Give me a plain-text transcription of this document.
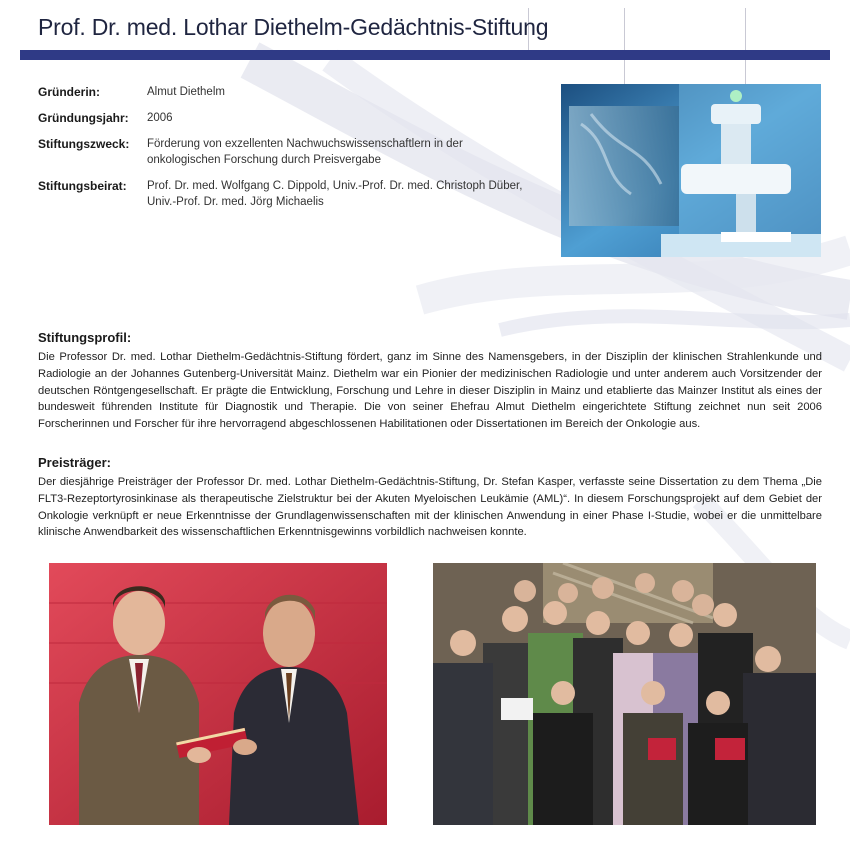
Prof. Dr. med. Lothar Diethelm-Gedächtnis-Stiftung
Gründerin:	Almut Diethelm
Gründungsjahr:	2006
Stiftungszweck:	Förderung von exzellenten Nachwuchswissenschaftlern in der onkologischen Forschung durch Preisvergabe
Stiftungsbeirat:	Prof. Dr. med. Wolfgang C. Dippold, Univ.-Prof. Dr. med. Christoph Düber, Univ.-Prof. Dr. med. Jörg Michaelis
Stiftungsprofil:

Die Professor Dr. med. Lothar Diethelm-Gedächtnis-Stiftung fördert, ganz im Sinne des Namensgebers, in der Disziplin der klinischen Strahlenkunde und Radiologie an der Johannes Gutenberg-Universität Mainz. Diethelm war ein Pionier der medizinischen Radiologie und unter anderem auch Vorsitzender der deutschen Röntgengesellschaft. Er prägte die Entwicklung, Forschung und Lehre in dieser Disziplin in Mainz und etablierte das Mainzer Institut als eines der bundesweit führenden Institute für Diagnostik und Therapie. Die von seiner Ehefrau Almut Diethelm eingerichtete Stiftung zeichnet nun seit 2006 Forscherinnen und Forscher für ihre hervorragend abgeschlossenen Habilitationen oder Dissertationen im Bereich der Onkologie aus.

Preisträger:

Der diesjährige Preisträger der Professor Dr. med. Lothar Diethelm-Gedächtnis-Stiftung, Dr. Stefan Kasper, verfasste seine Dissertation zu dem Thema „Die FLT3-Rezeptortyrosinkinase als therapeutische Zielstruktur bei der Akuten Myeloischen Leukämie (AML)“. In diesem Forschungsprojekt auf dem Gebiet der Onkologie verknüpft er neue Erkenntnisse der Grundlagenwissenschaften mit der klinischen Anwendung in einer Phase I-Studie, wobei er die unmittelbare klinische Anwendbarkeit des wissenschaftlichen Erkenntnisgewinns vorbildlich nachweisen konnte.
